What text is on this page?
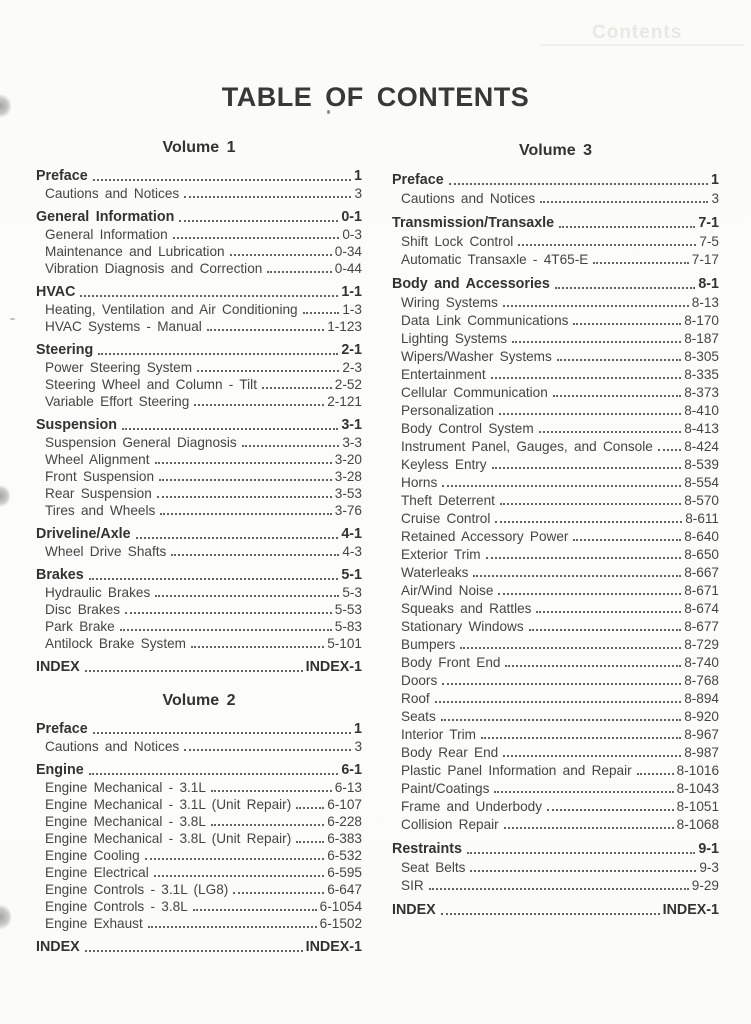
Contents
TABLE OF CONTENTS
Volume 1
Preface	1
Cautions and Notices	3
General Information	0-1
General Information	0-3
Maintenance and Lubrication	0-34
Vibration Diagnosis and Correction	0-44
HVAC	1-1
Heating, Ventilation and Air Conditioning	1-3
HVAC Systems - Manual	1-123
Steering	2-1
Power Steering System	2-3
Steering Wheel and Column - Tilt	2-52
Variable Effort Steering	2-121
Suspension	3-1
Suspension General Diagnosis	3-3
Wheel Alignment	3-20
Front Suspension	3-28
Rear Suspension	3-53
Tires and Wheels	3-76
Driveline/Axle	4-1
Wheel Drive Shafts	4-3
Brakes	5-1
Hydraulic Brakes	5-3
Disc Brakes	5-53
Park Brake	5-83
Antilock Brake System	5-101
INDEX	INDEX-1
Volume 2
Preface	1
Cautions and Notices	3
Engine	6-1
Engine Mechanical - 3.1L	6-13
Engine Mechanical - 3.1L (Unit Repair)	6-107
Engine Mechanical - 3.8L	6-228
Engine Mechanical - 3.8L (Unit Repair)	6-383
Engine Cooling	6-532
Engine Electrical	6-595
Engine Controls - 3.1L (LG8)	6-647
Engine Controls - 3.8L	6-1054
Engine Exhaust	6-1502
INDEX	INDEX-1
Volume 3
Preface	1
Cautions and Notices	3
Transmission/Transaxle	7-1
Shift Lock Control	7-5
Automatic Transaxle - 4T65-E	7-17
Body and Accessories	8-1
Wiring Systems	8-13
Data Link Communications	8-170
Lighting Systems	8-187
Wipers/Washer Systems	8-305
Entertainment	8-335
Cellular Communication	8-373
Personalization	8-410
Body Control System	8-413
Instrument Panel, Gauges, and Console 8-424
Keyless Entry	8-539
Horns	8-554
Theft Deterrent	8-570
Cruise Control	8-611
Retained Accessory Power	8-640
Exterior Trim	8-650
Waterleaks	8-667
Air/Wind Noise	8-671
Squeaks and Rattles	8-674
Stationary Windows	8-677
Bumpers	8-729
Body Front End	8-740
Doors	8-768
Roof	8-894
Seats	8-920
Interior Trim	8-967
Body Rear End	8-987
Plastic Panel Information and Repair	8-1016
Paint/Coatings	8-1043
Frame and Underbody	8-1051
Collision Repair	8-1068
Restraints	9-1
Seat Belts	9-3
SIR	9-29
INDEX	INDEX-1
